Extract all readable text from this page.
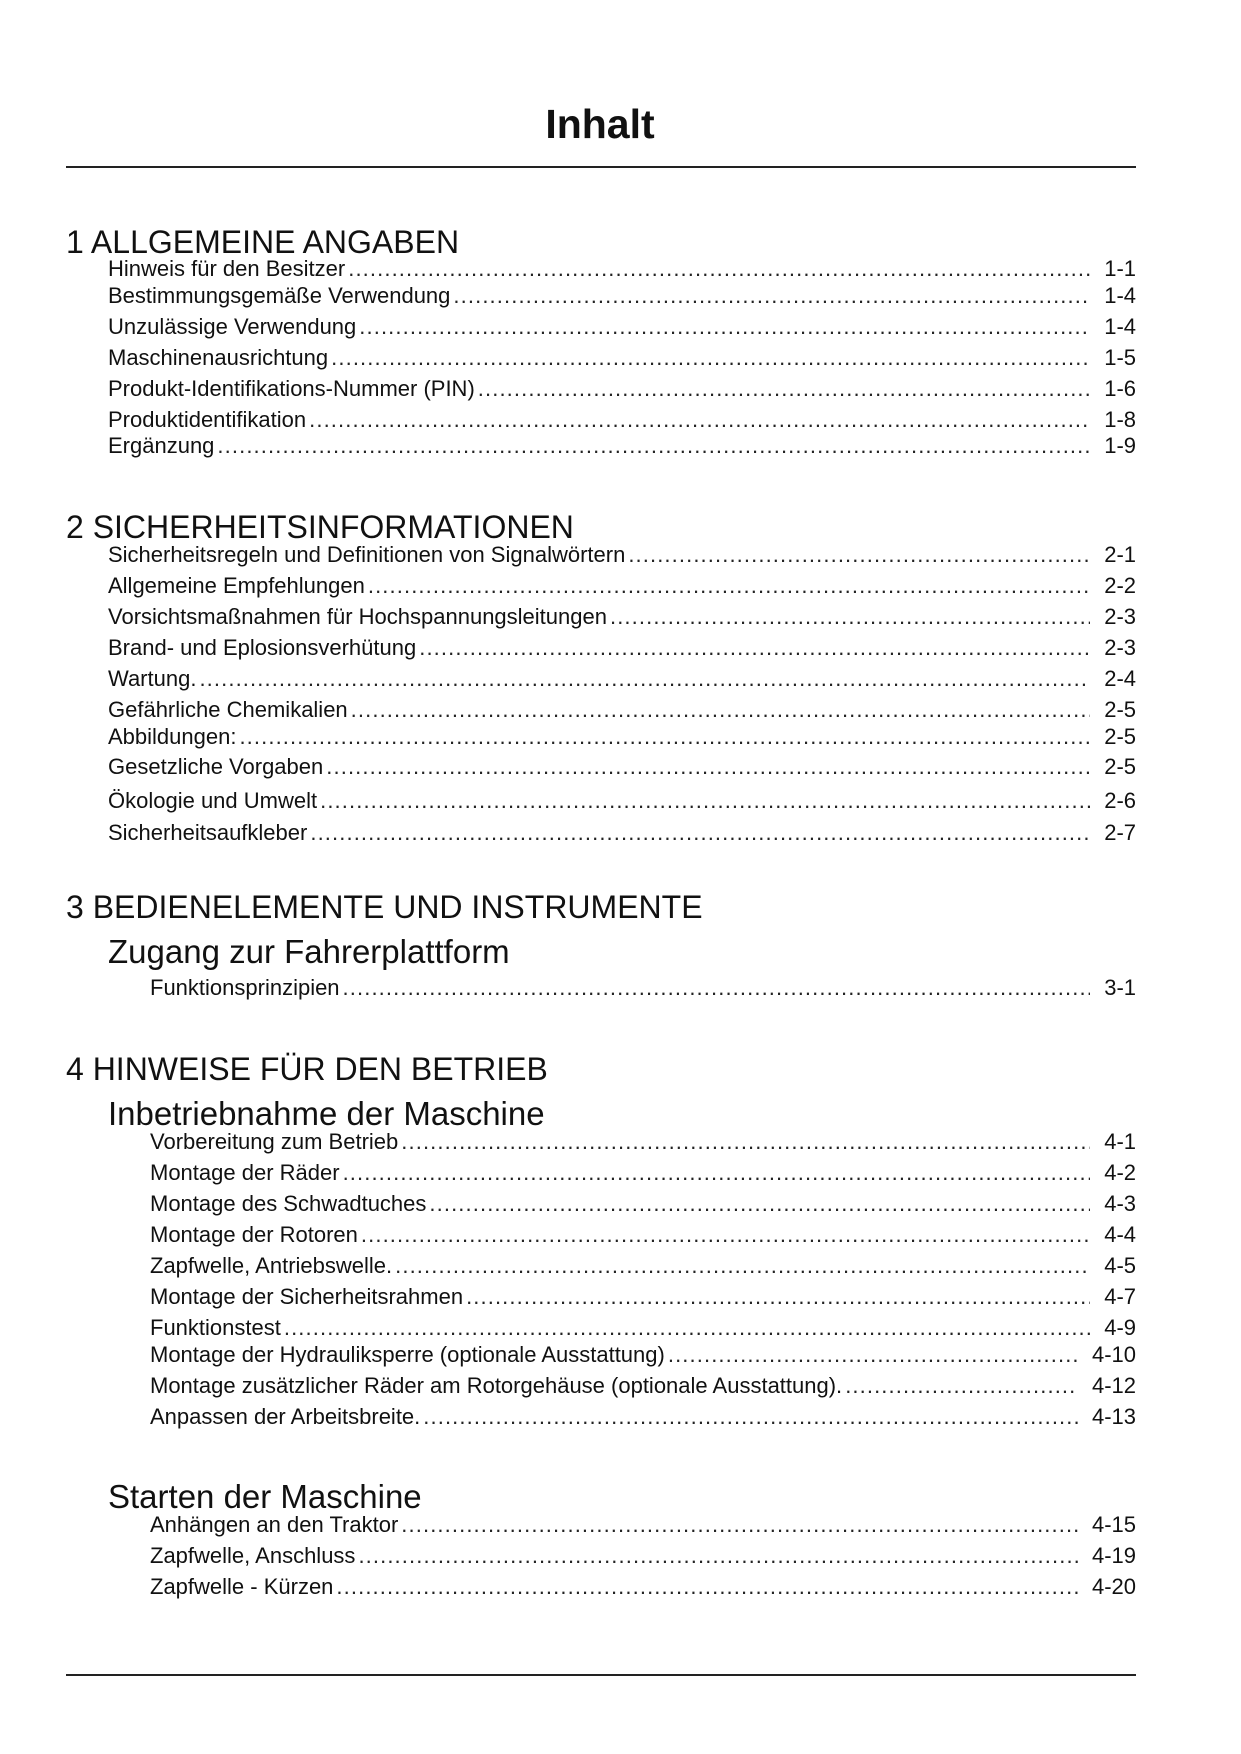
Inhalt
1 ALLGEMEINE ANGABEN
Hinweis für den Besitzer . . .	1-1
Bestimmungsgemäße Verwendung . . .	1-4
Unzulässige Verwendung . . .	1-4
Maschinenausrichtung . . .	1-5
Produkt-Identifikations-Nummer (PIN) . . .	1-6
Produktidentifikation . . .	1-8
Ergänzung . . .	1-9
2 SICHERHEITSINFORMATIONEN
Sicherheitsregeln und Definitionen von Signalwörtern . . .	2-1
Allgemeine Empfehlungen . . .	2-2
Vorsichtsmaßnahmen für Hochspannungsleitungen . . .	2-3
Brand- und Eplosionsverhütung . . .	2-3
Wartung. . . .	2-4
Gefährliche Chemikalien . . .	2-5
Abbildungen: . . .	2-5
Gesetzliche Vorgaben . . .	2-5
Ökologie und Umwelt . . .	2-6
Sicherheitsaufkleber . . .	2-7
3 BEDIENELEMENTE UND INSTRUMENTE
Zugang zur Fahrerplattform
Funktionsprinzipien . . .	3-1
4 HINWEISE FÜR DEN BETRIEB
Inbetriebnahme der Maschine
Vorbereitung zum Betrieb . . .	4-1
Montage der Räder . . .	4-2
Montage des Schwadtuches . . .	4-3
Montage der Rotoren . . .	4-4
Zapfwelle, Antriebswelle. . . .	4-5
Montage der Sicherheitsrahmen . . .	4-7
Funktionstest . . .	4-9
Montage der Hydrauliksperre (optionale Ausstattung) . . .	4-10
Montage zusätzlicher Räder am Rotorgehäuse (optionale Ausstattung). . . .	4-12
Anpassen der Arbeitsbreite. . . .	4-13
Starten der Maschine
Anhängen an den Traktor . . .	4-15
Zapfwelle, Anschluss . . .	4-19
Zapfwelle - Kürzen . . .	4-20
